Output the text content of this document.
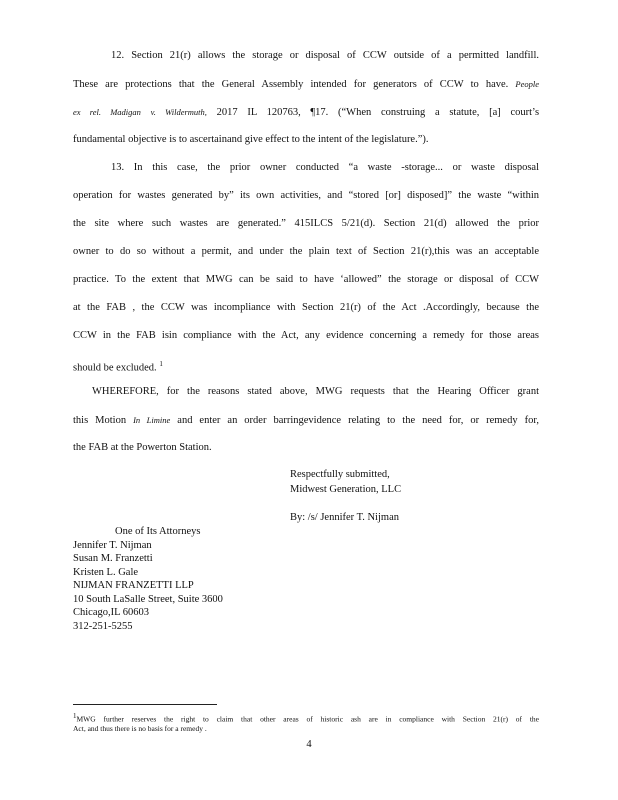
12. Section 21(r) allows the storage or disposal of CCW outside of a permitted landfill.
These are protections that the General Assembly intended for generators of CCW to have. People
ex rel. Madigan v. Wildermuth, 2017 IL 120763, ¶17. (“When construing a statute, [a] court’s
fundamental objective is to ascertainand give effect to the intent of the legislature.”).
13. In this case, the prior owner conducted “a waste -storage... or waste disposal
operation for wastes generated by” its own activities, and “stored [or] disposed]” the waste “within
the site where such wastes are generated.” 415ILCS 5/21(d). Section 21(d) allowed the prior
owner to do so without a permit, and under the plain text of Section 21(r),this was an acceptable
practice. To the extent that MWG can be said to have ‘allowed” the storage or disposal of CCW
at the FAB , the CCW was incompliance with Section 21(r) of the Act .Accordingly, because the
CCW in the FAB isin compliance with the Act, any evidence concerning a remedy for those areas
should be excluded. $^1$
WHEREFORE, for the reasons stated above, MWG requests that the Hearing Officer grant
this Motion In Limine and enter an order barringevidence relating to the need for, or remedy for,
the FAB at the Powerton Station.
Respectfully submitted,
Midwest Generation, LLC
By: /s/ Jennifer T. Nijman
One of Its Attorneys
Jennifer T. Nijman
Susan M. Franzetti
Kristen L. Gale
NIJMAN FRANZETTI LLP
10 South LaSalle Street, Suite 3600
Chicago,IL 60603
312-251-5255
1MWG further reserves the right to claim that other areas of historic ash are in compliance with Section 21(r) of the
Act, and thus there is no basis for a remedy .
4
